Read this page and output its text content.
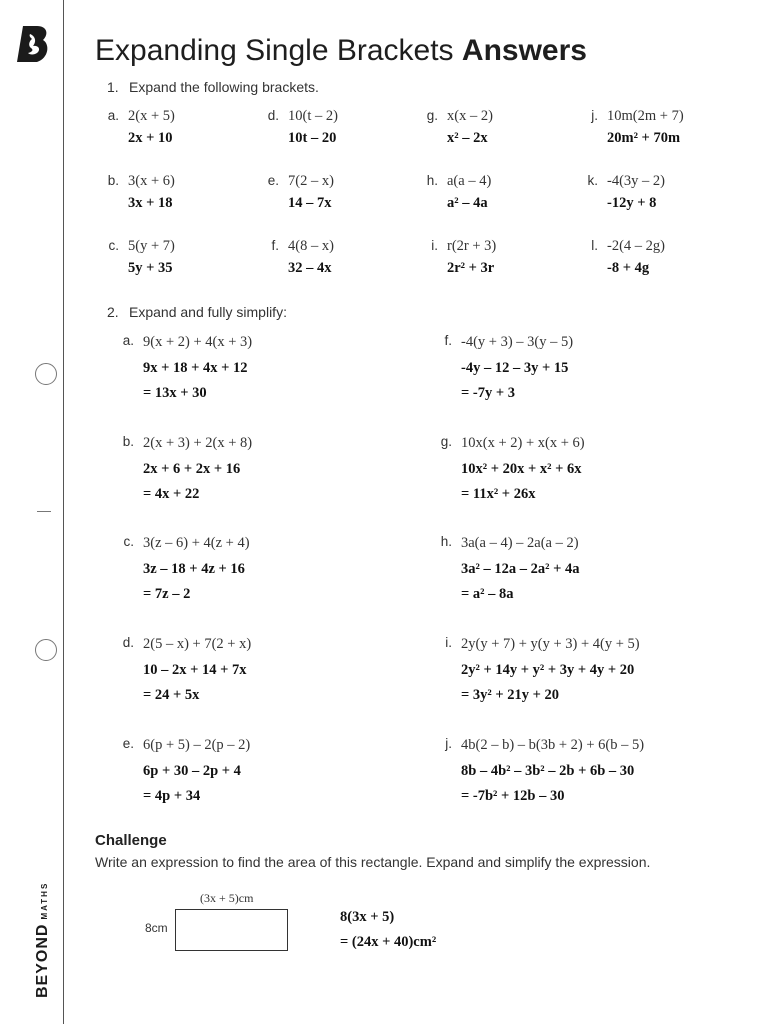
BEYONDMATHS
Expanding Single Brackets Answers
1. Expand the following brackets.
a. 2(x + 5)
2x + 10
d. 10(t – 2)
10t – 20
g. x(x – 2)
x² – 2x
j. 10m(2m + 7)
20m² + 70m
b. 3(x + 6)
3x + 18
e. 7(2 – x)
14 – 7x
h. a(a – 4)
a² – 4a
k. -4(3y – 2)
-12y + 8
c. 5(y + 7)
5y + 35
f. 4(8 – x)
32 – 4x
i. r(2r + 3)
2r² + 3r
l. -2(4 – 2g)
-8 + 4g
2. Expand and fully simplify:
a. 9(x + 2) + 4(x + 3)
9x + 18 + 4x + 12
= 13x + 30
b. 2(x + 3) + 2(x + 8)
2x + 6 + 2x + 16
= 4x + 22
c. 3(z – 6) + 4(z + 4)
3z – 18 + 4z + 16
= 7z – 2
d. 2(5 – x) + 7(2 + x)
10 – 2x + 14 + 7x
= 24 + 5x
e. 6(p + 5) – 2(p – 2)
6p + 30 – 2p + 4
= 4p + 34
f. -4(y + 3) – 3(y – 5)
-4y – 12 – 3y + 15
= -7y + 3
g. 10x(x + 2) + x(x + 6)
10x² + 20x + x² + 6x
= 11x² + 26x
h. 3a(a – 4) – 2a(a – 2)
3a² – 12a – 2a² + 4a
= a² – 8a
i. 2y(y + 7) + y(y + 3) + 4(y + 5)
2y² + 14y + y² + 3y + 4y + 20
= 3y² + 21y + 20
j. 4b(2 – b) – b(3b + 2) + 6(b – 5)
8b – 4b² – 3b² – 2b + 6b – 30
= -7b² + 12b – 30
Challenge
Write an expression to find the area of this rectangle. Expand and simplify the expression.
(3x + 5)cm
8cm
8(3x + 5)
= (24x + 40)cm²
